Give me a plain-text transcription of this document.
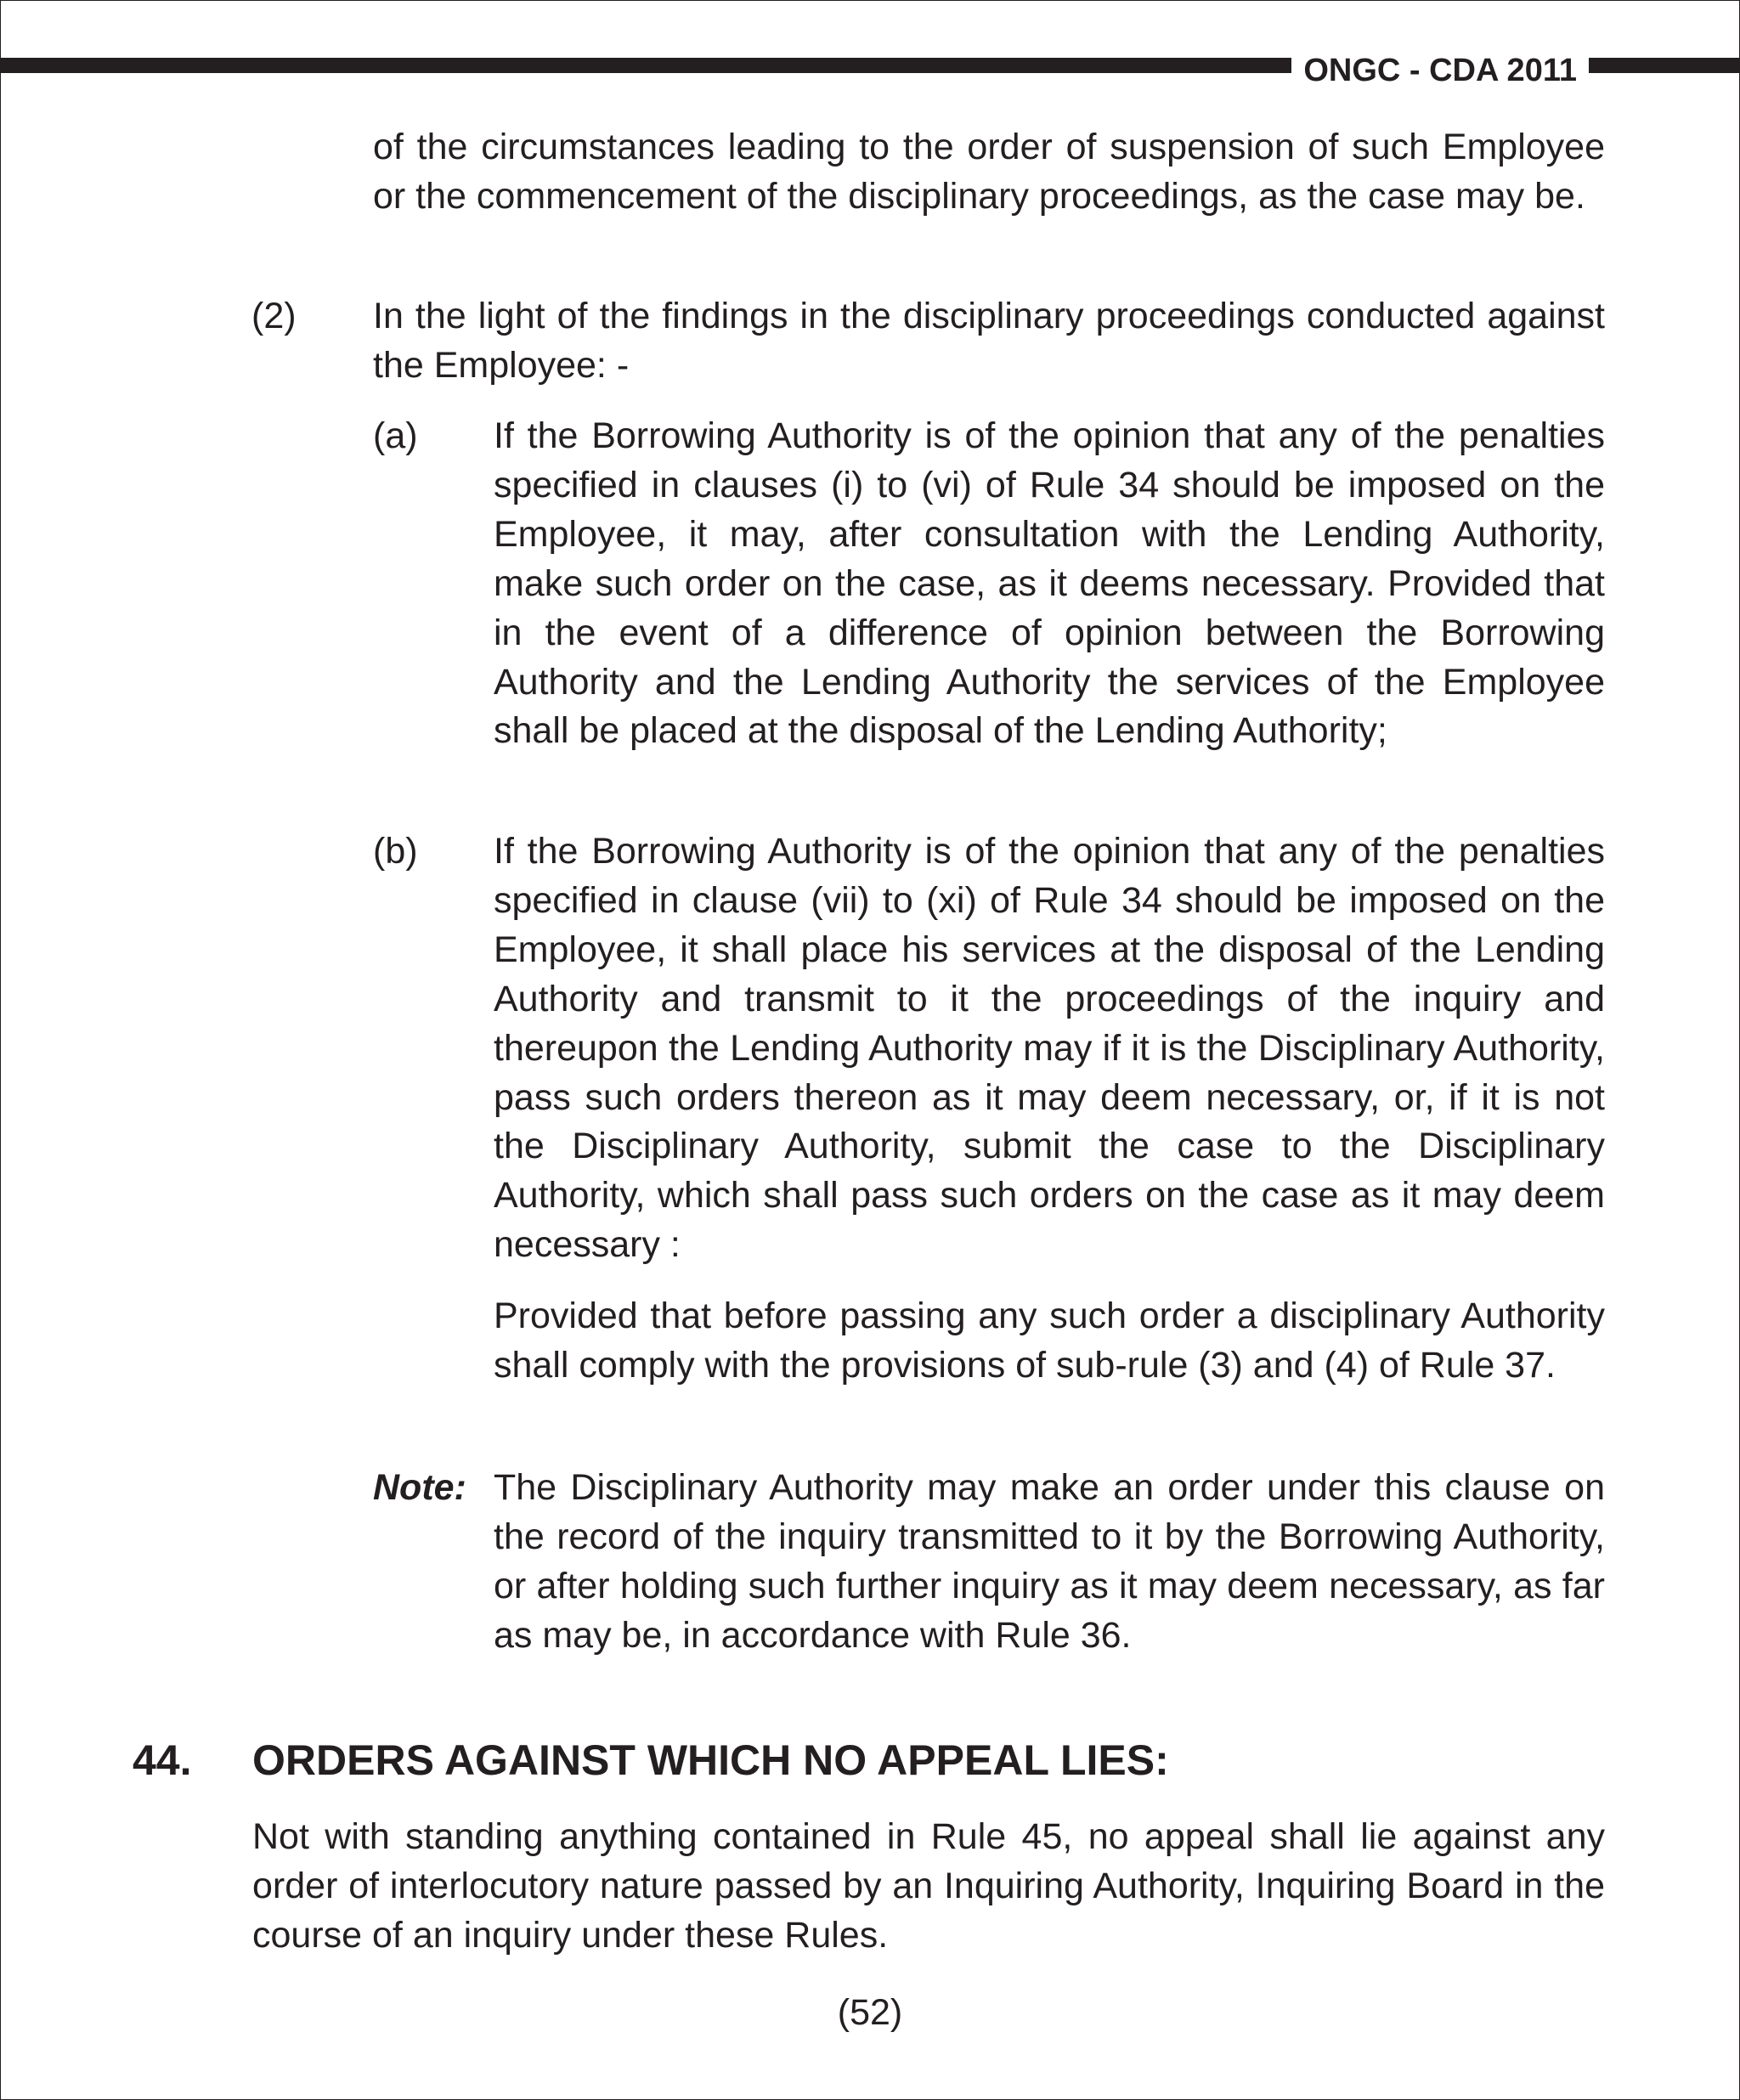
ONGC - CDA 2011
of the circumstances leading to the order of suspension of such Employee or the commencement of the disciplinary proceedings, as the case may be.
(2) In the light of the findings in the disciplinary proceedings conducted against the Employee: -
(a) If the Borrowing Authority is of the opinion that any of the penalties specified in clauses (i) to (vi) of Rule 34 should be imposed on the Employee, it may, after consultation with the Lending Authority, make such order on the case, as it deems necessary. Provided that in the event of a difference of opinion between the Borrowing Authority and the Lending Authority the services of the Employee shall be placed at the disposal of the Lending Authority;
(b) If the Borrowing Authority is of the opinion that any of the penalties specified in clause (vii) to (xi) of Rule 34 should be imposed on the Employee, it shall place his services at the disposal of the Lending Authority and transmit to it the proceedings of the inquiry and thereupon the Lending Authority may if it is the Disciplinary Authority, pass such orders thereon as it may deem necessary, or, if it is not the Disciplinary Authority, submit the case to the Disciplinary Authority, which shall pass such orders on the case as it may deem necessary :
Provided that before passing any such order a disciplinary Authority shall comply with the provisions of sub-rule (3) and (4) of Rule 37.
Note: The Disciplinary Authority may make an order under this clause on the record of the inquiry transmitted to it by the Borrowing Authority, or after holding such further inquiry as it may deem necessary, as far as may be, in accordance with Rule 36.
44. ORDERS AGAINST WHICH NO APPEAL LIES:
Not with standing anything contained in Rule 45, no appeal shall lie against any order of interlocutory nature passed by an Inquiring Authority, Inquiring Board in the course of an inquiry under these Rules.
(52)
